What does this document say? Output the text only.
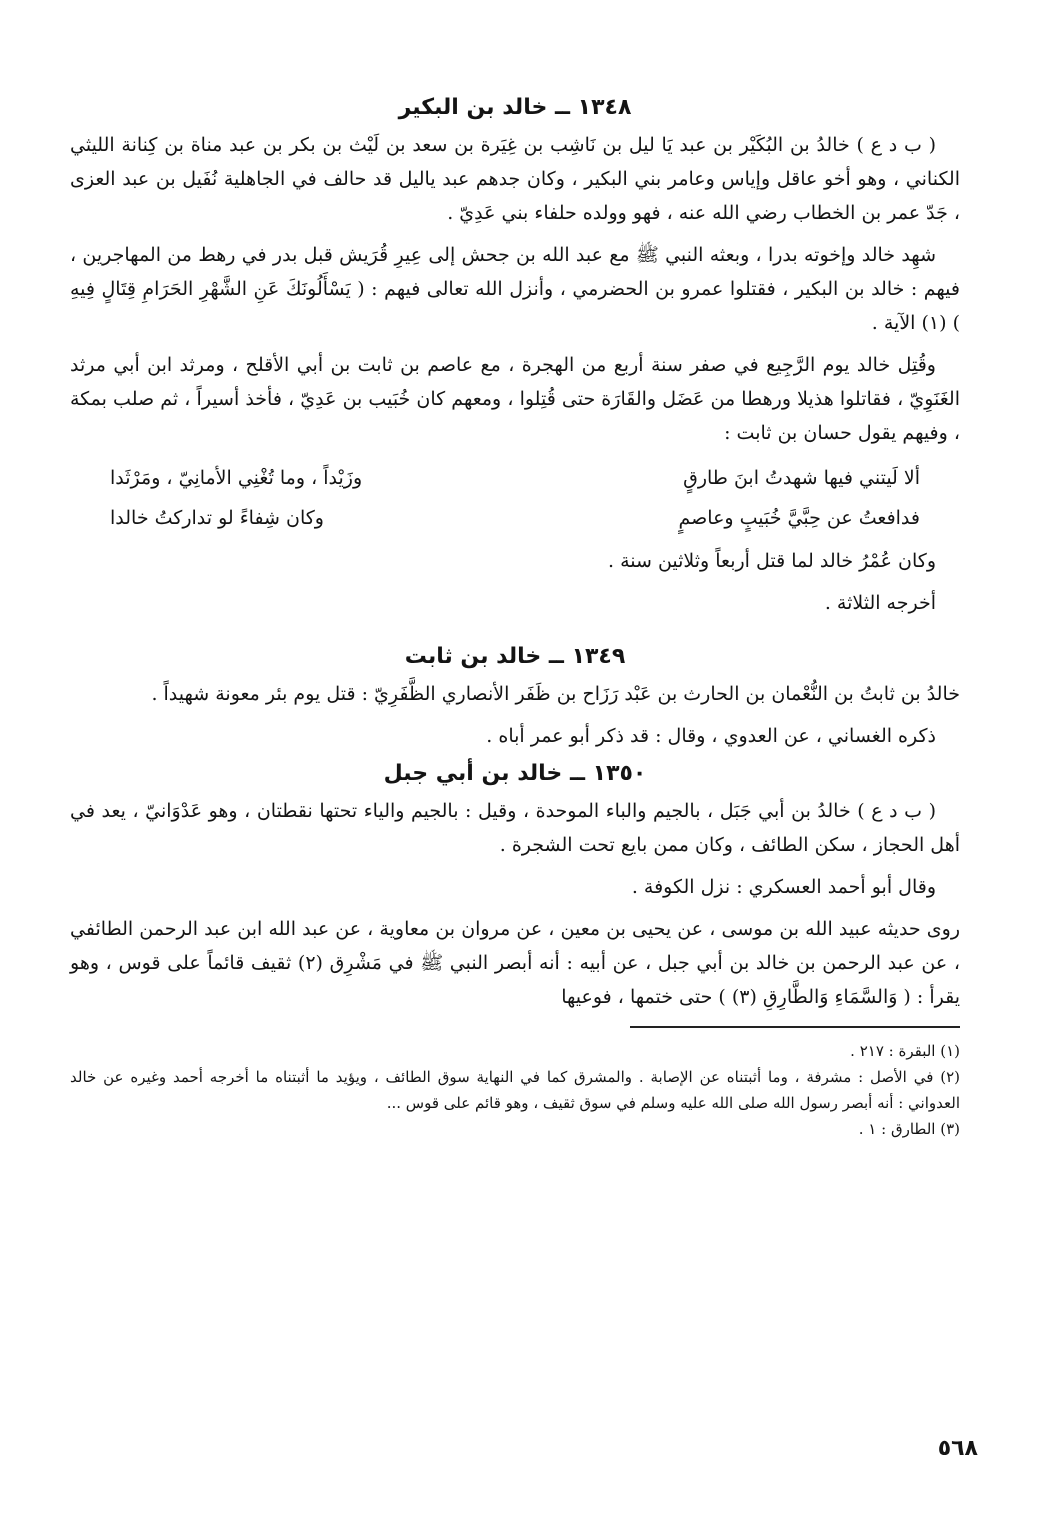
١٣٤٨ ــ خالد بن البكير

( ب د ع ) خالدُ بن البُكَيْر بن عبد يَا ليل بن نَاشِب بن غِيَرة بن سعد بن لَيْث بن بكر بن عبد مناة بن كِنانة الليثي الكناني ، وهو أخو عاقل وإياس وعامر بني البكير ، وكان جدهم عبد ياليل قد حالف في الجاهلية نُفَيل بن عبد العزى ، جَدّ عمر بن الخطاب رضي الله عنه ، فهو وولده حلفاء بني عَدِيّ .

شهِد خالد وإخوته بدرا ، وبعثه النبي ﷺ مع عبد الله بن جحش إلى عِيرِ قُرَيش قبل بدر في رهط من المهاجرين ، فيهم : خالد بن البكير ، فقتلوا عمرو بن الحضرمي ، وأنزل الله تعالى فيهم : ( يَسْأَلُونَكَ عَنِ الشَّهْرِ الحَرَامِ قِتَالٍ فِيهِ ) (١) الآية .

وقُتِل خالد يوم الرَّجِيع في صفر سنة أربع من الهجرة ، مع عاصم بن ثابت بن أبي الأقلح ، ومرثد ابن أبي مرثد الغَنَوِيّ ، فقاتلوا هذيلا ورهطا من عَضَل والقَارَة حتى قُتِلوا ، ومعهم كان خُبَيب بن عَدِيّ ، فأخذ أسيراً ، ثم صلب بمكة ، وفيهم يقول حسان بن ثابت :

ألا لَيتني فيها شهدتُ ابنَ طارقٍ
وزَيْداً ، وما تُغْنِي الأمانِيّ ، ومَرْثَدا
فدافعتُ عن حِبَّيَّ خُبَيبٍ وعاصمٍ
وكان شِفاءً لو تداركتُ خالدا

وكان عُمْرُ خالد لما قتل أربعاً وثلاثين سنة .

أخرجه الثلاثة .

١٣٤٩ ــ خالد بن ثابت

خالدُ بن ثابتُ بن النُّعْمان بن الحارث بن عَبْد رَزَاح بن ظَفَر الأنصاري الظَّفَرِيّ : قتل يوم بئر معونة شهيداً .

ذكره الغساني ، عن العدوي ، وقال : قد ذكر أبو عمر أباه .

١٣٥٠ ــ خالد بن أبي جبل

( ب د ع ) خالدُ بن أبي جَبَل ، بالجيم والباء الموحدة ، وقيل : بالجيم والياء تحتها نقطتان ، وهو عَدْوَانيّ ، يعد في أهل الحجاز ، سكن الطائف ، وكان ممن بايع تحت الشجرة .

وقال أبو أحمد العسكري : نزل الكوفة .

روى حديثه عبيد الله بن موسى ، عن يحيى بن معين ، عن مروان بن معاوية ، عن عبد الله ابن عبد الرحمن الطائفي ، عن عبد الرحمن بن خالد بن أبي جبل ، عن أبيه : أنه أبصر النبي ﷺ في مَشْرِق (٢) ثقيف قائماً على قوس ، وهو يقرأ : ( وَالسَّمَاءِ وَالطَّارِقِ (٣) ) حتى ختمها ، فوعيها

(١) البقرة : ٢١٧ .

(٢) في الأصل : مشرفة ، وما أثبتناه عن الإصابة . والمشرق كما في النهاية سوق الطائف ، ويؤيد ما أثبتناه ما أخرجه أحمد وغيره عن خالد العدواني : أنه أبصر رسول الله صلى الله عليه وسلم في سوق ثقيف ، وهو قائم على قوس ...

(٣) الطارق : ١ .

٥٦٨
